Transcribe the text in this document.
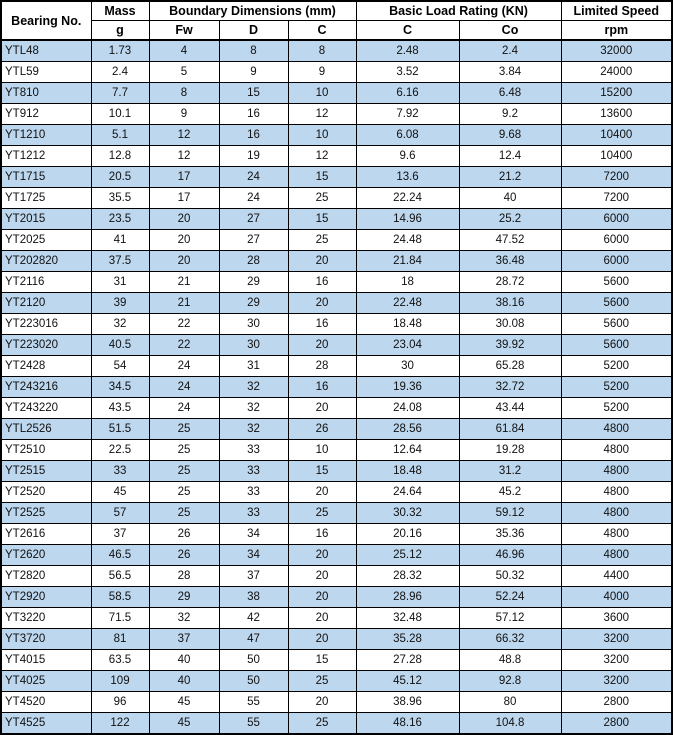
Bearing No.	Mass	Boundary Dimensions (mm)			Basic Load Rating (KN)		Limited Speed
	g	Fw	D	C	C	Co	rpm
YTL48	1.73	4	8	8	2.48	2.4	32000
YTL59	2.4	5	9	9	3.52	3.84	24000
YT810	7.7	8	15	10	6.16	6.48	15200
YT912	10.1	9	16	12	7.92	9.2	13600
YT1210	5.1	12	16	10	6.08	9.68	10400
YT1212	12.8	12	19	12	9.6	12.4	10400
YT1715	20.5	17	24	15	13.6	21.2	7200
YT1725	35.5	17	24	25	22.24	40	7200
YT2015	23.5	20	27	15	14.96	25.2	6000
YT2025	41	20	27	25	24.48	47.52	6000
YT202820	37.5	20	28	20	21.84	36.48	6000
YT2116	31	21	29	16	18	28.72	5600
YT2120	39	21	29	20	22.48	38.16	5600
YT223016	32	22	30	16	18.48	30.08	5600
YT223020	40.5	22	30	20	23.04	39.92	5600
YT2428	54	24	31	28	30	65.28	5200
YT243216	34.5	24	32	16	19.36	32.72	5200
YT243220	43.5	24	32	20	24.08	43.44	5200
YTL2526	51.5	25	32	26	28.56	61.84	4800
YT2510	22.5	25	33	10	12.64	19.28	4800
YT2515	33	25	33	15	18.48	31.2	4800
YT2520	45	25	33	20	24.64	45.2	4800
YT2525	57	25	33	25	30.32	59.12	4800
YT2616	37	26	34	16	20.16	35.36	4800
YT2620	46.5	26	34	20	25.12	46.96	4800
YT2820	56.5	28	37	20	28.32	50.32	4400
YT2920	58.5	29	38	20	28.96	52.24	4000
YT3220	71.5	32	42	20	32.48	57.12	3600
YT3720	81	37	47	20	35.28	66.32	3200
YT4015	63.5	40	50	15	27.28	48.8	3200
YT4025	109	40	50	25	45.12	92.8	3200
YT4520	96	45	55	20	38.96	80	2800
YT4525	122	45	55	25	48.16	104.8	2800
